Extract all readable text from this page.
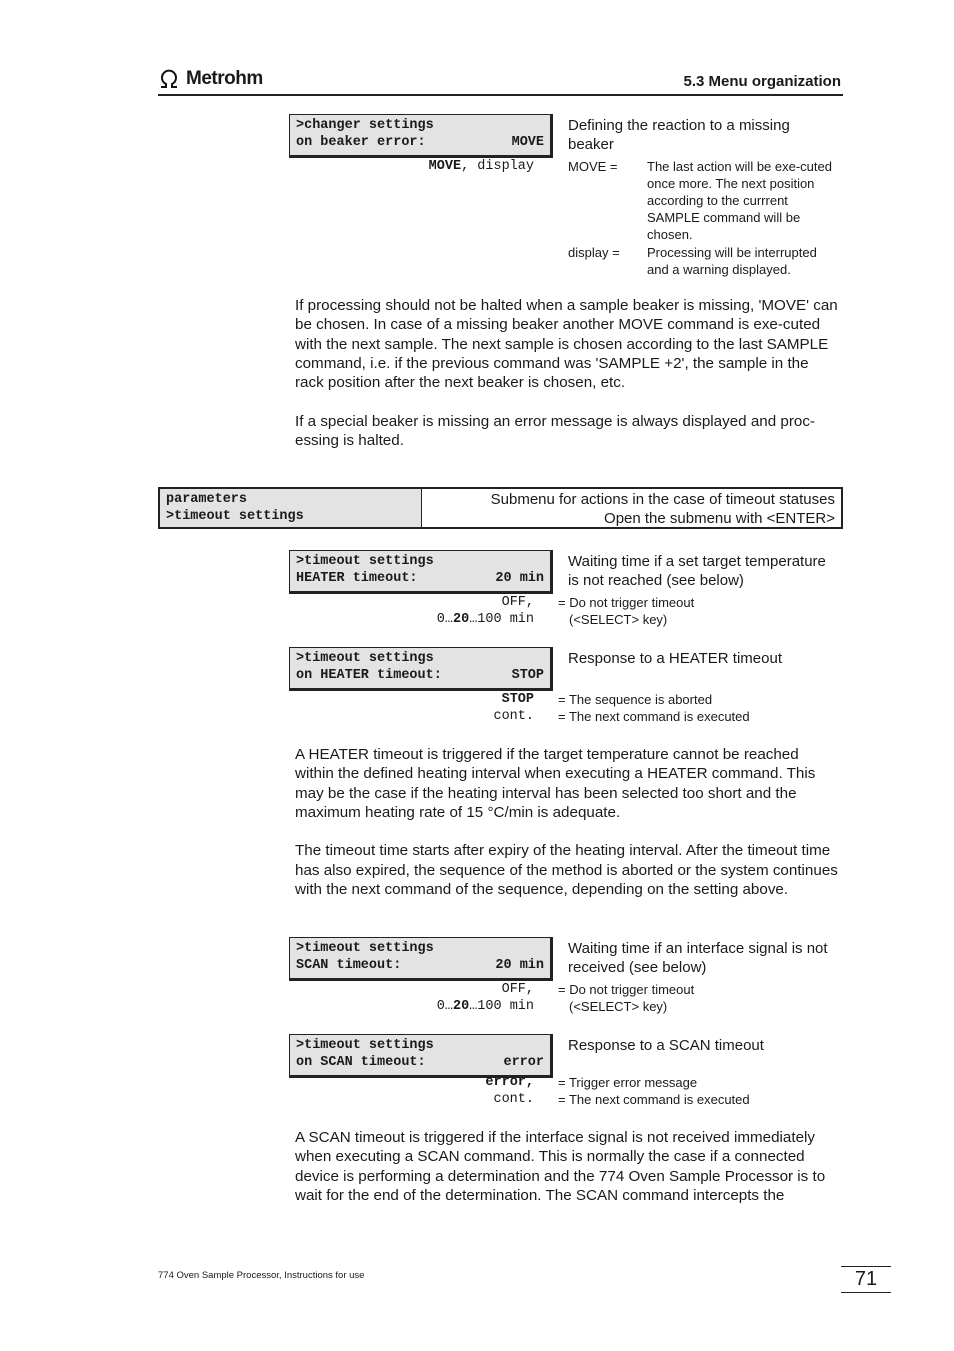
Metrohm	5.3 Menu organization
>changer settings
on beaker error:	MOVE
MOVE, display
Defining the reaction to a missing beaker
MOVE = The last action will be exe-cuted once more. The next position according to the currrent SAMPLE command will be chosen.
display = Processing will be interrupted and a warning displayed.

If processing should not be halted when a sample beaker is missing, 'MOVE' can be chosen. In case of a missing beaker another MOVE command is exe-cuted with the next sample. The next sample is chosen according to the last SAMPLE command, i.e. if the previous command was 'SAMPLE +2', the sample in the rack position after the next beaker is chosen, etc.

If a special beaker is missing an error message is always displayed and proc-essing is halted.

parameters
>timeout settings
Submenu for actions in the case of timeout statuses
Open the submenu with <ENTER>
>timeout settings
HEATER timeout:	20 min
OFF,
0…20…100 min
Waiting time if a set target temperature is not reached (see below)
= Do not trigger timeout
(<SELECT> key)
>timeout settings
on HEATER timeout:	STOP
STOP
cont.
Response to a HEATER timeout
= The sequence is aborted
= The next command is executed

A HEATER timeout is triggered if the target temperature cannot be reached within the defined heating interval when executing a HEATER command. This may be the case if the heating interval has been selected too short and the maximum heating rate of 15 °C/min is adequate.

The timeout time starts after expiry of the heating interval. After the timeout time has also expired, the sequence of the method is aborted or the system continues with the next command of the sequence, depending on the setting above.

>timeout settings
SCAN timeout:	20 min
OFF,
0…20…100 min
Waiting time if an interface signal is not received (see below)
= Do not trigger timeout
(<SELECT> key)
>timeout settings
on SCAN timeout:	error
error,
cont.
Response to a SCAN timeout
= Trigger error message
= The next command is executed

A SCAN timeout is triggered if the interface signal is not received immediately when executing a SCAN command. This is normally the case if a connected device is performing a determination and the 774 Oven Sample Processor is to wait for the end of the determination. The SCAN command intercepts the

774 Oven Sample Processor, Instructions for use	71
